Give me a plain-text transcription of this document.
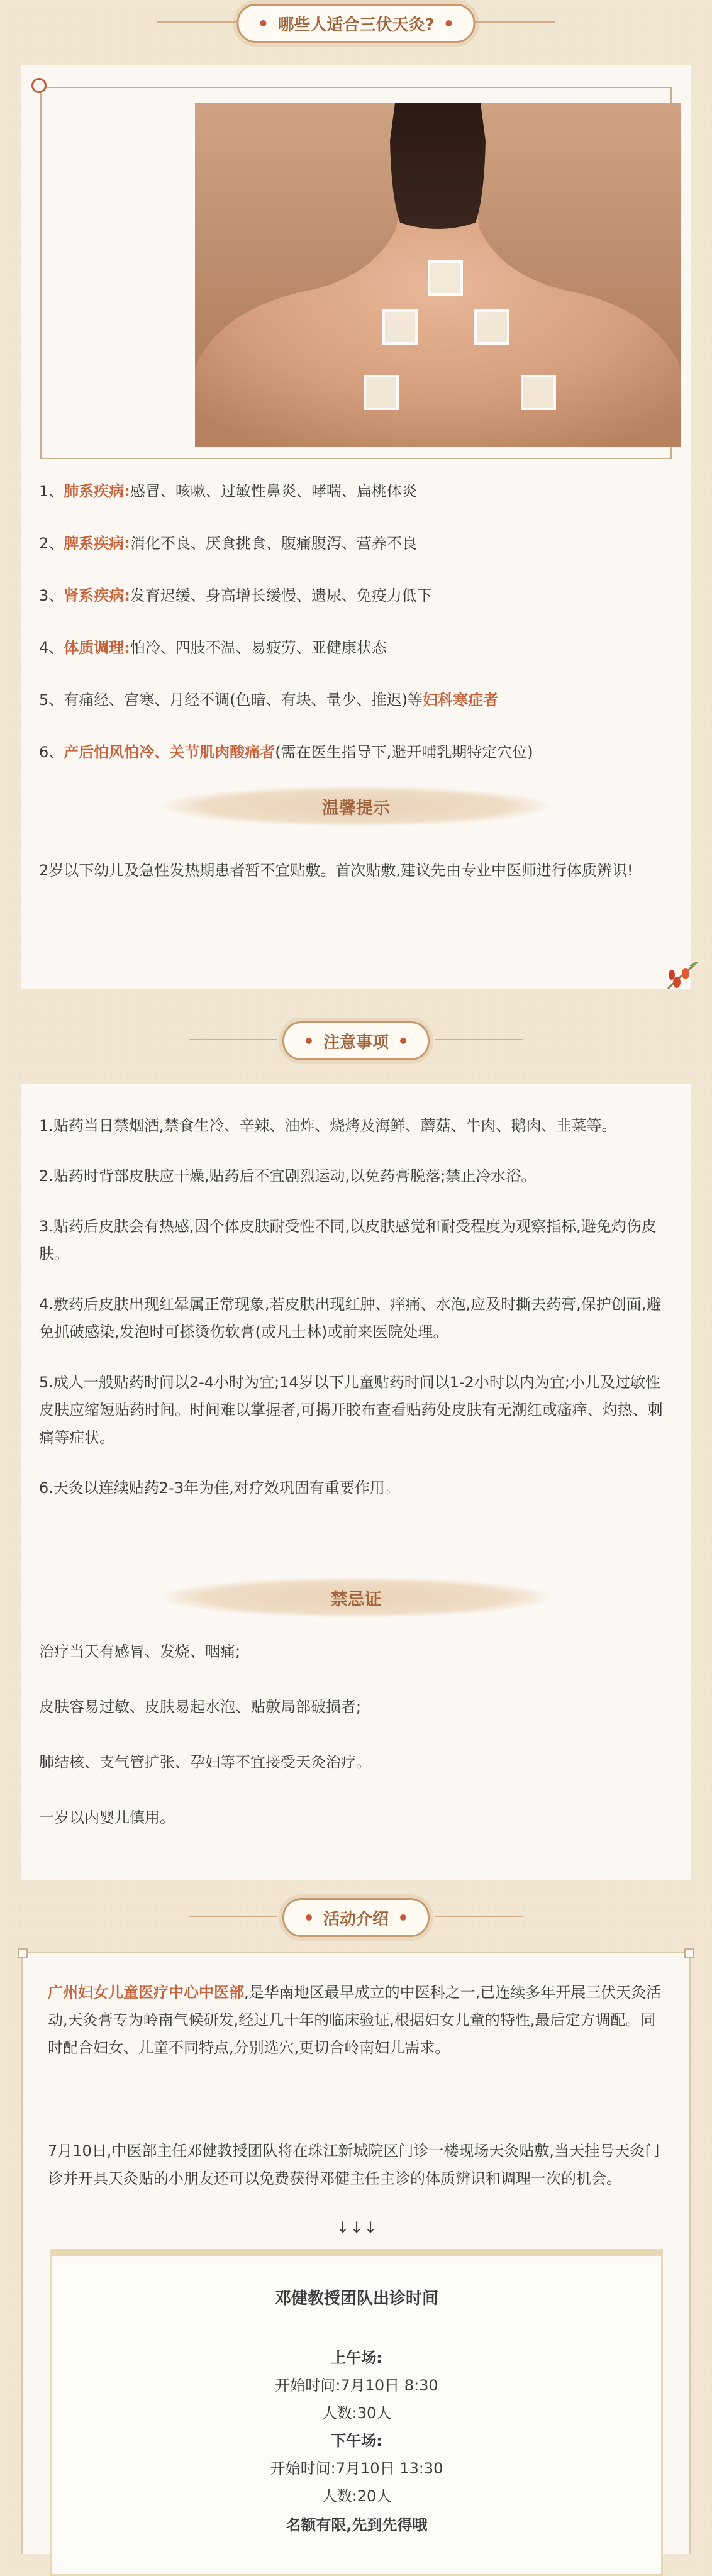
哪些人适合三伏天灸?

1、肺系疾病:感冒、咳嗽、过敏性鼻炎、哮喘、扁桃体炎

2、脾系疾病:消化不良、厌食挑食、腹痛腹泻、营养不良

3、肾系疾病:发育迟缓、身高增长缓慢、遗尿、免疫力低下

4、体质调理:怕冷、四肢不温、易疲劳、亚健康状态

5、有痛经、宫寒、月经不调(色暗、有块、量少、推迟)等妇科寒症者

6、产后怕风怕冷、关节肌肉酸痛者(需在医生指导下,避开哺乳期特定穴位)

温馨提示

2岁以下幼儿及急性发热期患者暂不宜贴敷。首次贴敷,建议先由专业中医师进行体质辨识!

注意事项

1.贴药当日禁烟酒,禁食生冷、辛辣、油炸、烧烤及海鲜、蘑菇、牛肉、鹅肉、韭菜等。

2.贴药时背部皮肤应干燥,贴药后不宜剧烈运动,以免药膏脱落;禁止冷水浴。

3.贴药后皮肤会有热感,因个体皮肤耐受性不同,以皮肤感觉和耐受程度为观察指标,避免灼伤皮肤。

4.敷药后皮肤出现红晕属正常现象,若皮肤出现红肿、痒痛、水泡,应及时撕去药膏,保护创面,避免抓破感染,发泡时可搽烫伤软膏(或凡士林)或前来医院处理。

5.成人一般贴药时间以2-4小时为宜;14岁以下儿童贴药时间以1-2小时以内为宜;小儿及过敏性皮肤应缩短贴药时间。时间难以掌握者,可揭开胶布查看贴药处皮肤有无潮红或瘙痒、灼热、刺痛等症状。

6.天灸以连续贴药2-3年为佳,对疗效巩固有重要作用。

禁忌证

治疗当天有感冒、发烧、咽痛;

皮肤容易过敏、皮肤易起水泡、贴敷局部破损者;

肺结核、支气管扩张、孕妇等不宜接受天灸治疗。

一岁以内婴儿慎用。

活动介绍

广州妇女儿童医疗中心中医部,是华南地区最早成立的中医科之一,已连续多年开展三伏天灸活动,天灸膏专为岭南气候研发,经过几十年的临床验证,根据妇女儿童的特性,最后定方调配。同时配合妇女、儿童不同特点,分别选穴,更切合岭南妇儿需求。

7月10日,中医部主任邓健教授团队将在珠江新城院区门诊一楼现场天灸贴敷,当天挂号天灸门诊并开具天灸贴的小朋友还可以免费获得邓健主任主诊的体质辨识和调理一次的机会。

↓↓↓

邓健教授团队出诊时间

上午场:

开始时间:7月10日 8:30

人数:30人

下午场:

开始时间:7月10日 13:30

人数:20人

名额有限,先到先得哦
